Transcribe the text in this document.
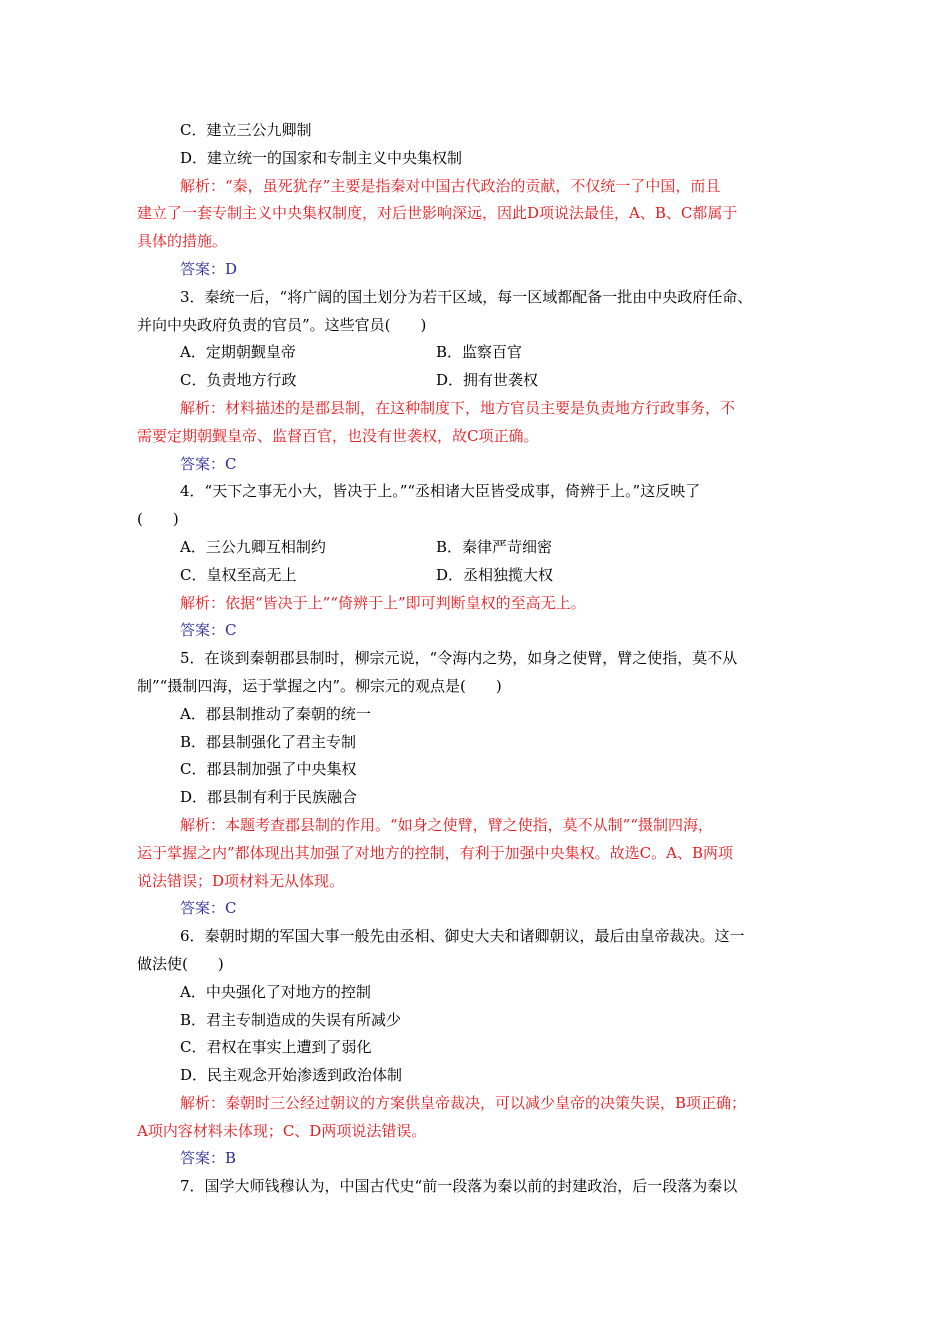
C．建立三公九卿制
D．建立统一的国家和专制主义中央集权制
解析：“秦，虽死犹存”主要是指秦对中国古代政治的贡献，不仅统一了中国，而且
建立了一套专制主义中央集权制度，对后世影响深远，因此D项说法最佳，A、B、C都属于
具体的措施。
答案：D
3．秦统一后，“将广阔的国土划分为若干区域，每一区域都配备一批由中央政府任命、
并向中央政府负责的官员”。这些官员(　　)
A．定期朝觐皇帝	B．监察百官
C．负责地方行政	D．拥有世袭权
解析：材料描述的是郡县制，在这种制度下，地方官员主要是负责地方行政事务，不
需要定期朝觐皇帝、监督百官，也没有世袭权，故C项正确。
答案：C
4．“天下之事无小大，皆决于上。”“丞相诸大臣皆受成事，倚辨于上。”这反映了
(　　)
A．三公九卿互相制约	B．秦律严苛细密
C．皇权至高无上	D．丞相独揽大权
解析：依据“皆决于上”“倚辨于上”即可判断皇权的至高无上。
答案：C
5．在谈到秦朝郡县制时，柳宗元说，“令海内之势，如身之使臂，臂之使指，莫不从
制”“摄制四海，运于掌握之内”。柳宗元的观点是(　　)
A．郡县制推动了秦朝的统一
B．郡县制强化了君主专制
C．郡县制加强了中央集权
D．郡县制有利于民族融合
解析：本题考查郡县制的作用。“如身之使臂，臂之使指，莫不从制”“摄制四海，
运于掌握之内”都体现出其加强了对地方的控制，有利于加强中央集权。故选C。A、B两项
说法错误；D项材料无从体现。
答案：C
6．秦朝时期的军国大事一般先由丞相、御史大夫和诸卿朝议，最后由皇帝裁决。这一
做法使(　　)
A．中央强化了对地方的控制
B．君主专制造成的失误有所减少
C．君权在事实上遭到了弱化
D．民主观念开始渗透到政治体制
解析：秦朝时三公经过朝议的方案供皇帝裁决，可以减少皇帝的决策失误，B项正确；
A项内容材料未体现；C、D两项说法错误。
答案：B
7．国学大师钱穆认为，中国古代史“前一段落为秦以前的封建政治，后一段落为秦以
